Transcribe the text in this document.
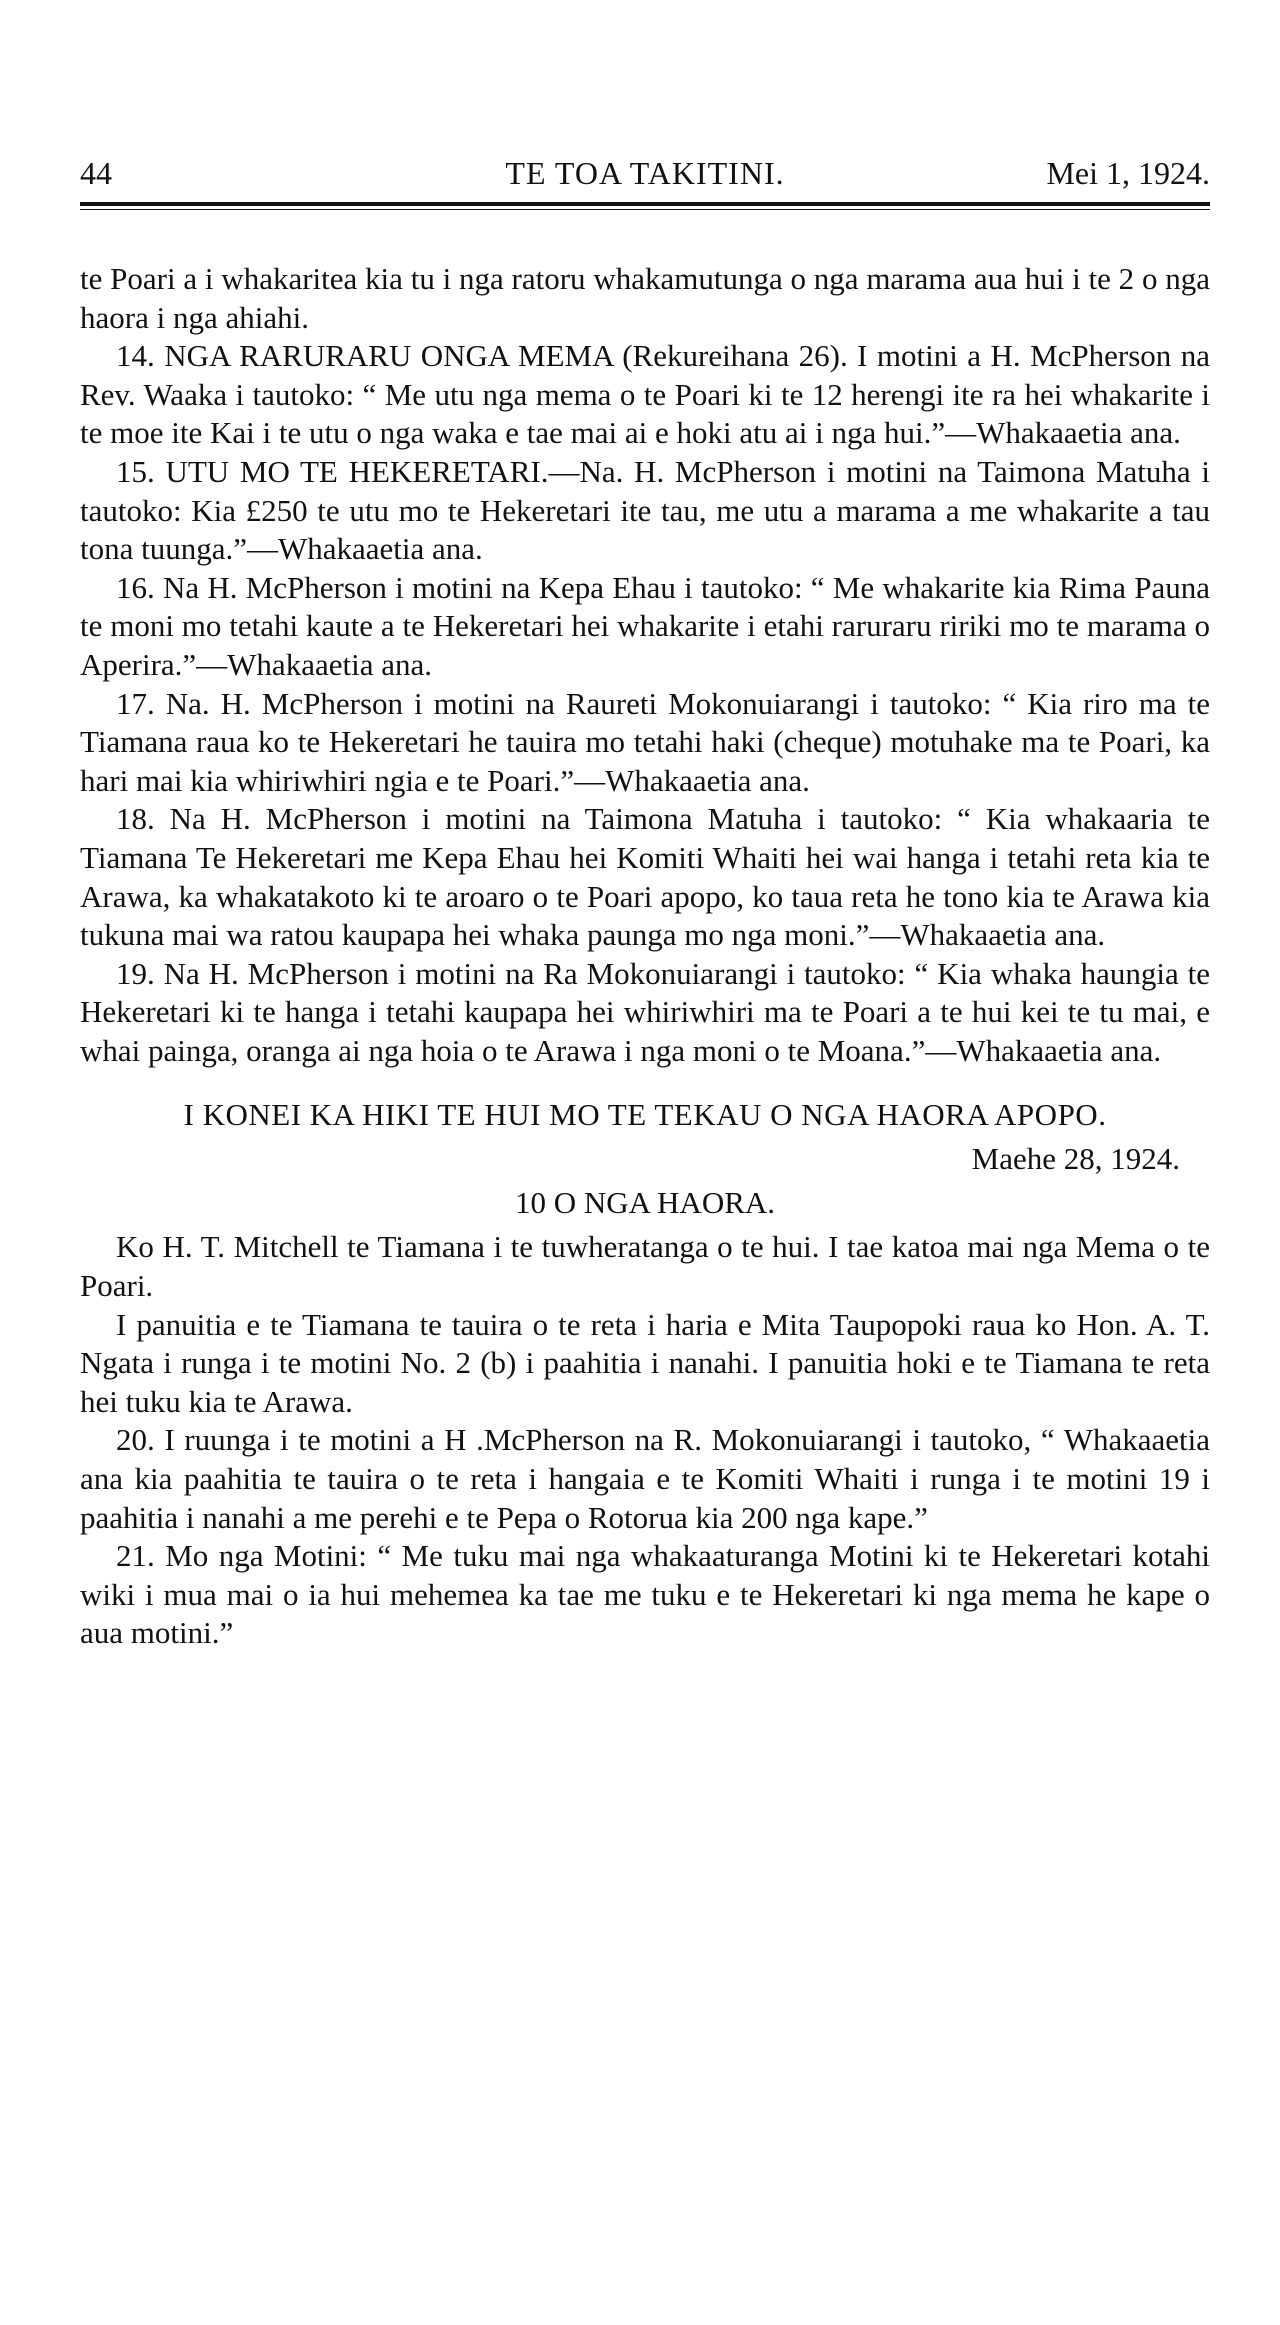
44	TE TOA TAKITINI.	Mei 1, 1924.

te Poari a i whakaritea kia tu i nga ratoru whakamutunga o nga marama aua hui i te 2 o nga haora i nga ahiahi.

14. NGA RARURARU ONGA MEMA (Rekureihana 26). I motini a H. McPherson na Rev. Waaka i tautoko: “ Me utu nga mema o te Poari ki te 12 herengi ite ra hei whakarite i te moe ite Kai i te utu o nga waka e tae mai ai e hoki atu ai i nga hui.”—Whakaaetia ana.

15. UTU MO TE HEKERETARI.—Na. H. McPherson i motini na Taimona Matuha i tautoko: Kia £250 te utu mo te Hekeretari ite tau, me utu a marama a me whakarite a tau tona tuunga.”—Whakaaetia ana.

16. Na H. McPherson i motini na Kepa Ehau i tautoko: “ Me whakarite kia Rima Pauna te moni mo tetahi kaute a te Hekeretari hei whakarite i etahi raruraru ririki mo te marama o Aperira.”—Whakaaetia ana.

17. Na. H. McPherson i motini na Raureti Mokonuiarangi i tautoko: “ Kia riro ma te Tiamana raua ko te Hekeretari he tauira mo tetahi haki (cheque) motuhake ma te Poari, ka hari mai kia whiriwhiri ngia e te Poari.”—Whakaaetia ana.

18. Na H. McPherson i motini na Taimona Matuha i tautoko: “ Kia whakaaria te Tiamana Te Hekeretari me Kepa Ehau hei Komiti Whaiti hei wai hanga i tetahi reta kia te Arawa, ka whakatakoto ki te aroaro o te Poari apopo, ko taua reta he tono kia te Arawa kia tukuna mai wa ratou kaupapa hei whaka paunga mo nga moni.”—Whakaaetia ana.

19. Na H. McPherson i motini na Ra Mokonuiarangi i tautoko: “ Kia whaka haungia te Hekeretari ki te hanga i tetahi kaupapa hei whiriwhiri ma te Poari a te hui kei te tu mai, e whai painga, oranga ai nga hoia o te Arawa i nga moni o te Moana.”—Whakaaetia ana.

I KONEI KA HIKI TE HUI MO TE TEKAU O NGA HAORA APOPO.
Maehe 28, 1924.
10 O NGA HAORA.

Ko H. T. Mitchell te Tiamana i te tuwheratanga o te hui. I tae katoa mai nga Mema o te Poari.

I panuitia e te Tiamana te tauira o te reta i haria e Mita Taupopoki raua ko Hon. A. T. Ngata i runga i te motini No. 2 (b) i paahitia i nanahi. I panuitia hoki e te Tiamana te reta hei tuku kia te Arawa.

20. I ruunga i te motini a H .McPherson na R. Mokonuiarangi i tautoko, “ Whakaaetia ana kia paahitia te tauira o te reta i hangaia e te Komiti Whaiti i runga i te motini 19 i paahitia i nanahi a me perehi e te Pepa o Rotorua kia 200 nga kape.”

21. Mo nga Motini: “ Me tuku mai nga whakaaturanga Motini ki te Hekeretari kotahi wiki i mua mai o ia hui mehemea ka tae me tuku e te Hekeretari ki nga mema he kape o aua motini.”
